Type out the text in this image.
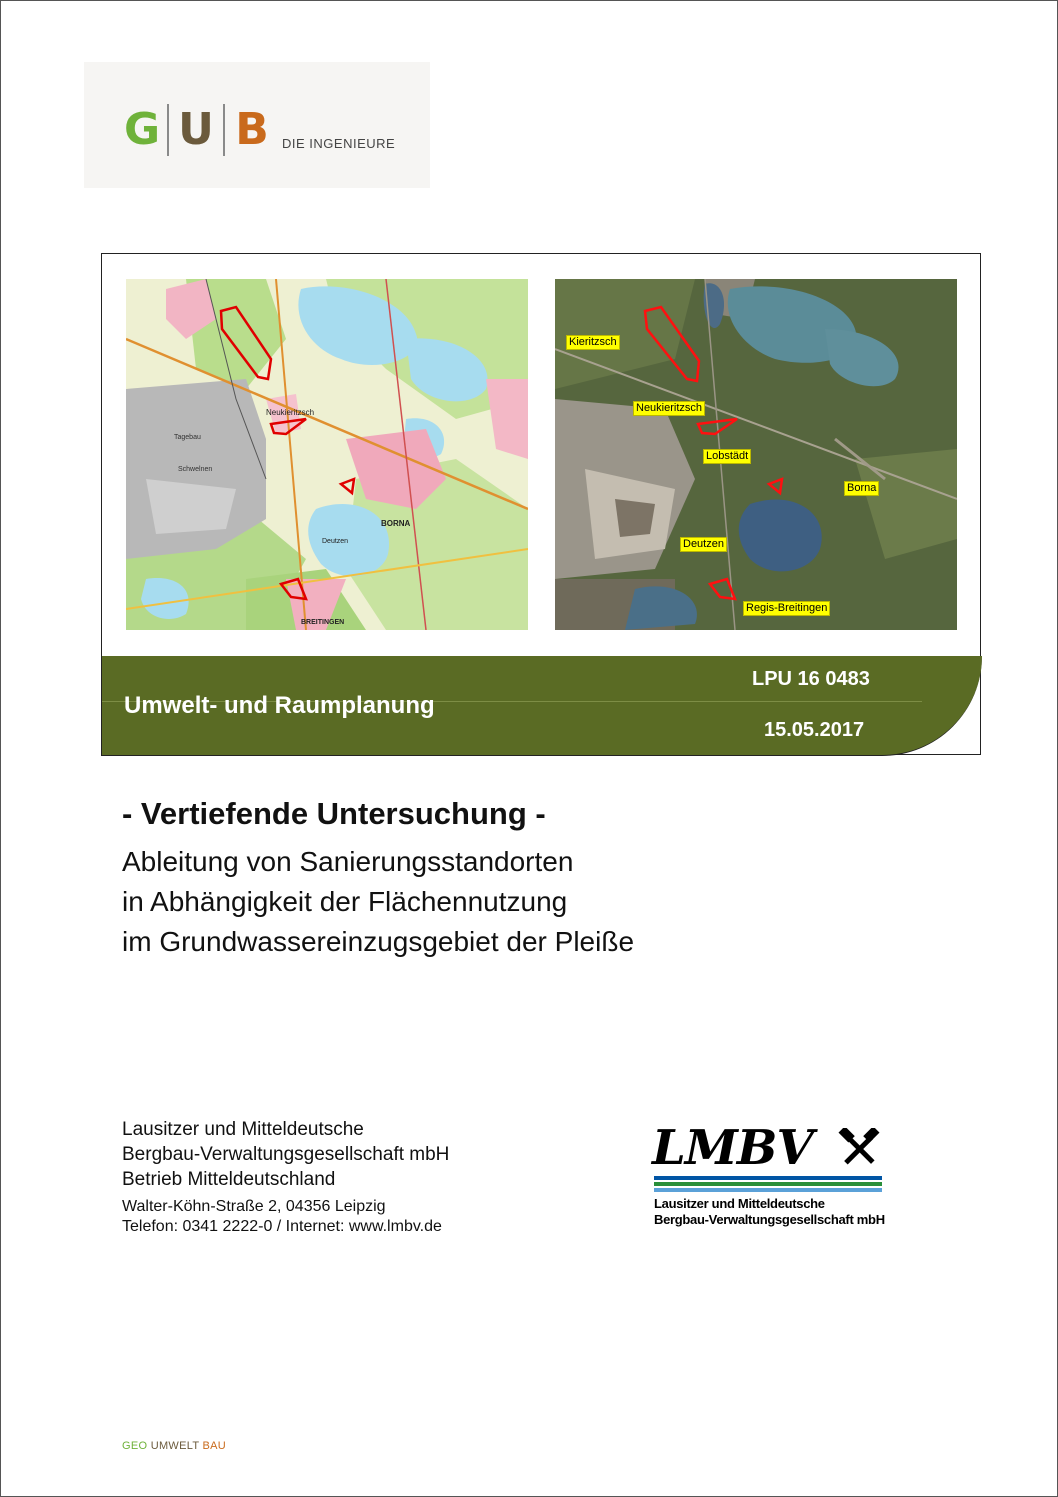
G U B DIE INGENIEURE
Neukieritzsch
BORNA
Tagebau
Schwelnen
Deutzen
BREITINGEN
Kieritzsch
Neukieritzsch
Lobstädt
Borna
Deutzen
Regis-Breitingen
LPU 16 0483
Umwelt- und Raumplanung
15.05.2017
- Vertiefende Untersuchung -
Ableitung von Sanierungsstandorten
in Abhängigkeit der Flächennutzung
im Grundwassereinzugsgebiet der Pleiße
Lausitzer und Mitteldeutsche
Bergbau-Verwaltungsgesellschaft mbH
Betrieb Mitteldeutschland
Walter-Köhn-Straße 2, 04356 Leipzig
Telefon: 0341 2222-0 / Internet: www.lmbv.de
LMBV
Lausitzer und Mitteldeutsche
Bergbau-Verwaltungsgesellschaft mbH
GEO UMWELT BAU
